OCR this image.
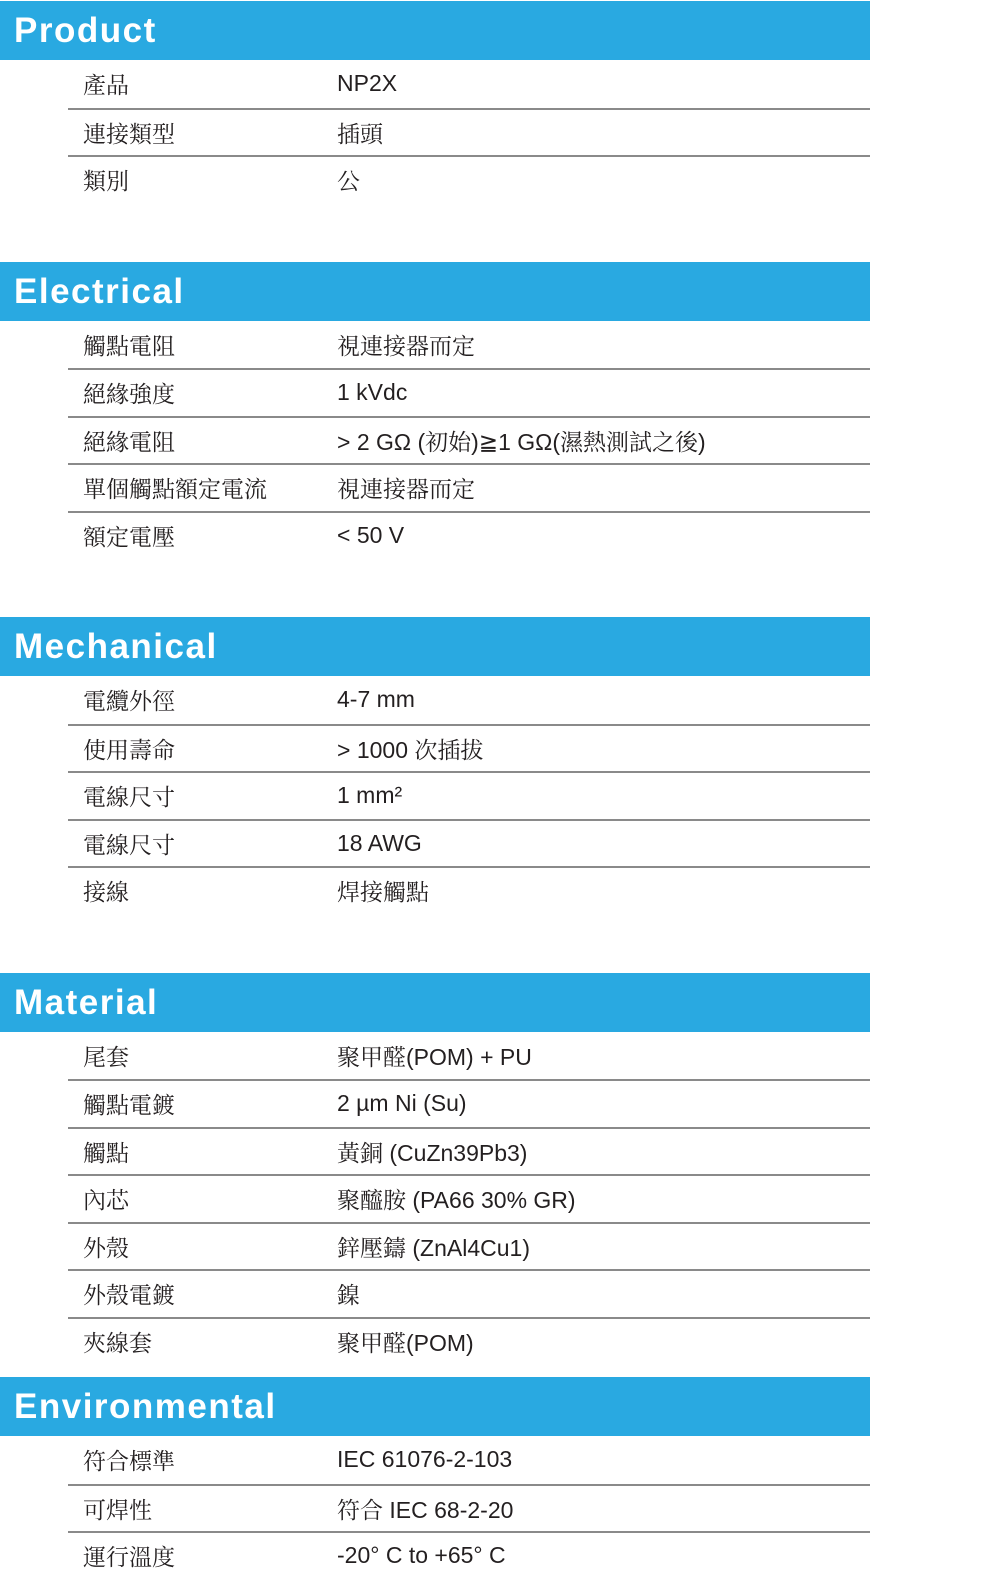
Product
產品	NP2X
連接類型	插頭
類別	公
Electrical
觸點電阻	視連接器而定
絕緣強度	1 kVdc
絕緣電阻	> 2 GΩ (初始)≧1 GΩ(濕熱測試之後)
單個觸點額定電流	視連接器而定
額定電壓	< 50 V
Mechanical
電纜外徑	4-7 mm
使用壽命	> 1000 次插拔
電線尺寸	1 mm²
電線尺寸	18 AWG
接線	焊接觸點
Material
尾套	聚甲醛(POM) + PU
觸點電鍍	2 µm Ni (Su)
觸點	黃銅 (CuZn39Pb3)
內芯	聚醯胺 (PA66 30% GR)
外殼	鋅壓鑄 (ZnAl4Cu1)
外殼電鍍	鎳
夾線套	聚甲醛(POM)
Environmental
符合標準	IEC 61076-2-103
可焊性	符合 IEC 68-2-20
運行溫度	-20° C to +65° C
